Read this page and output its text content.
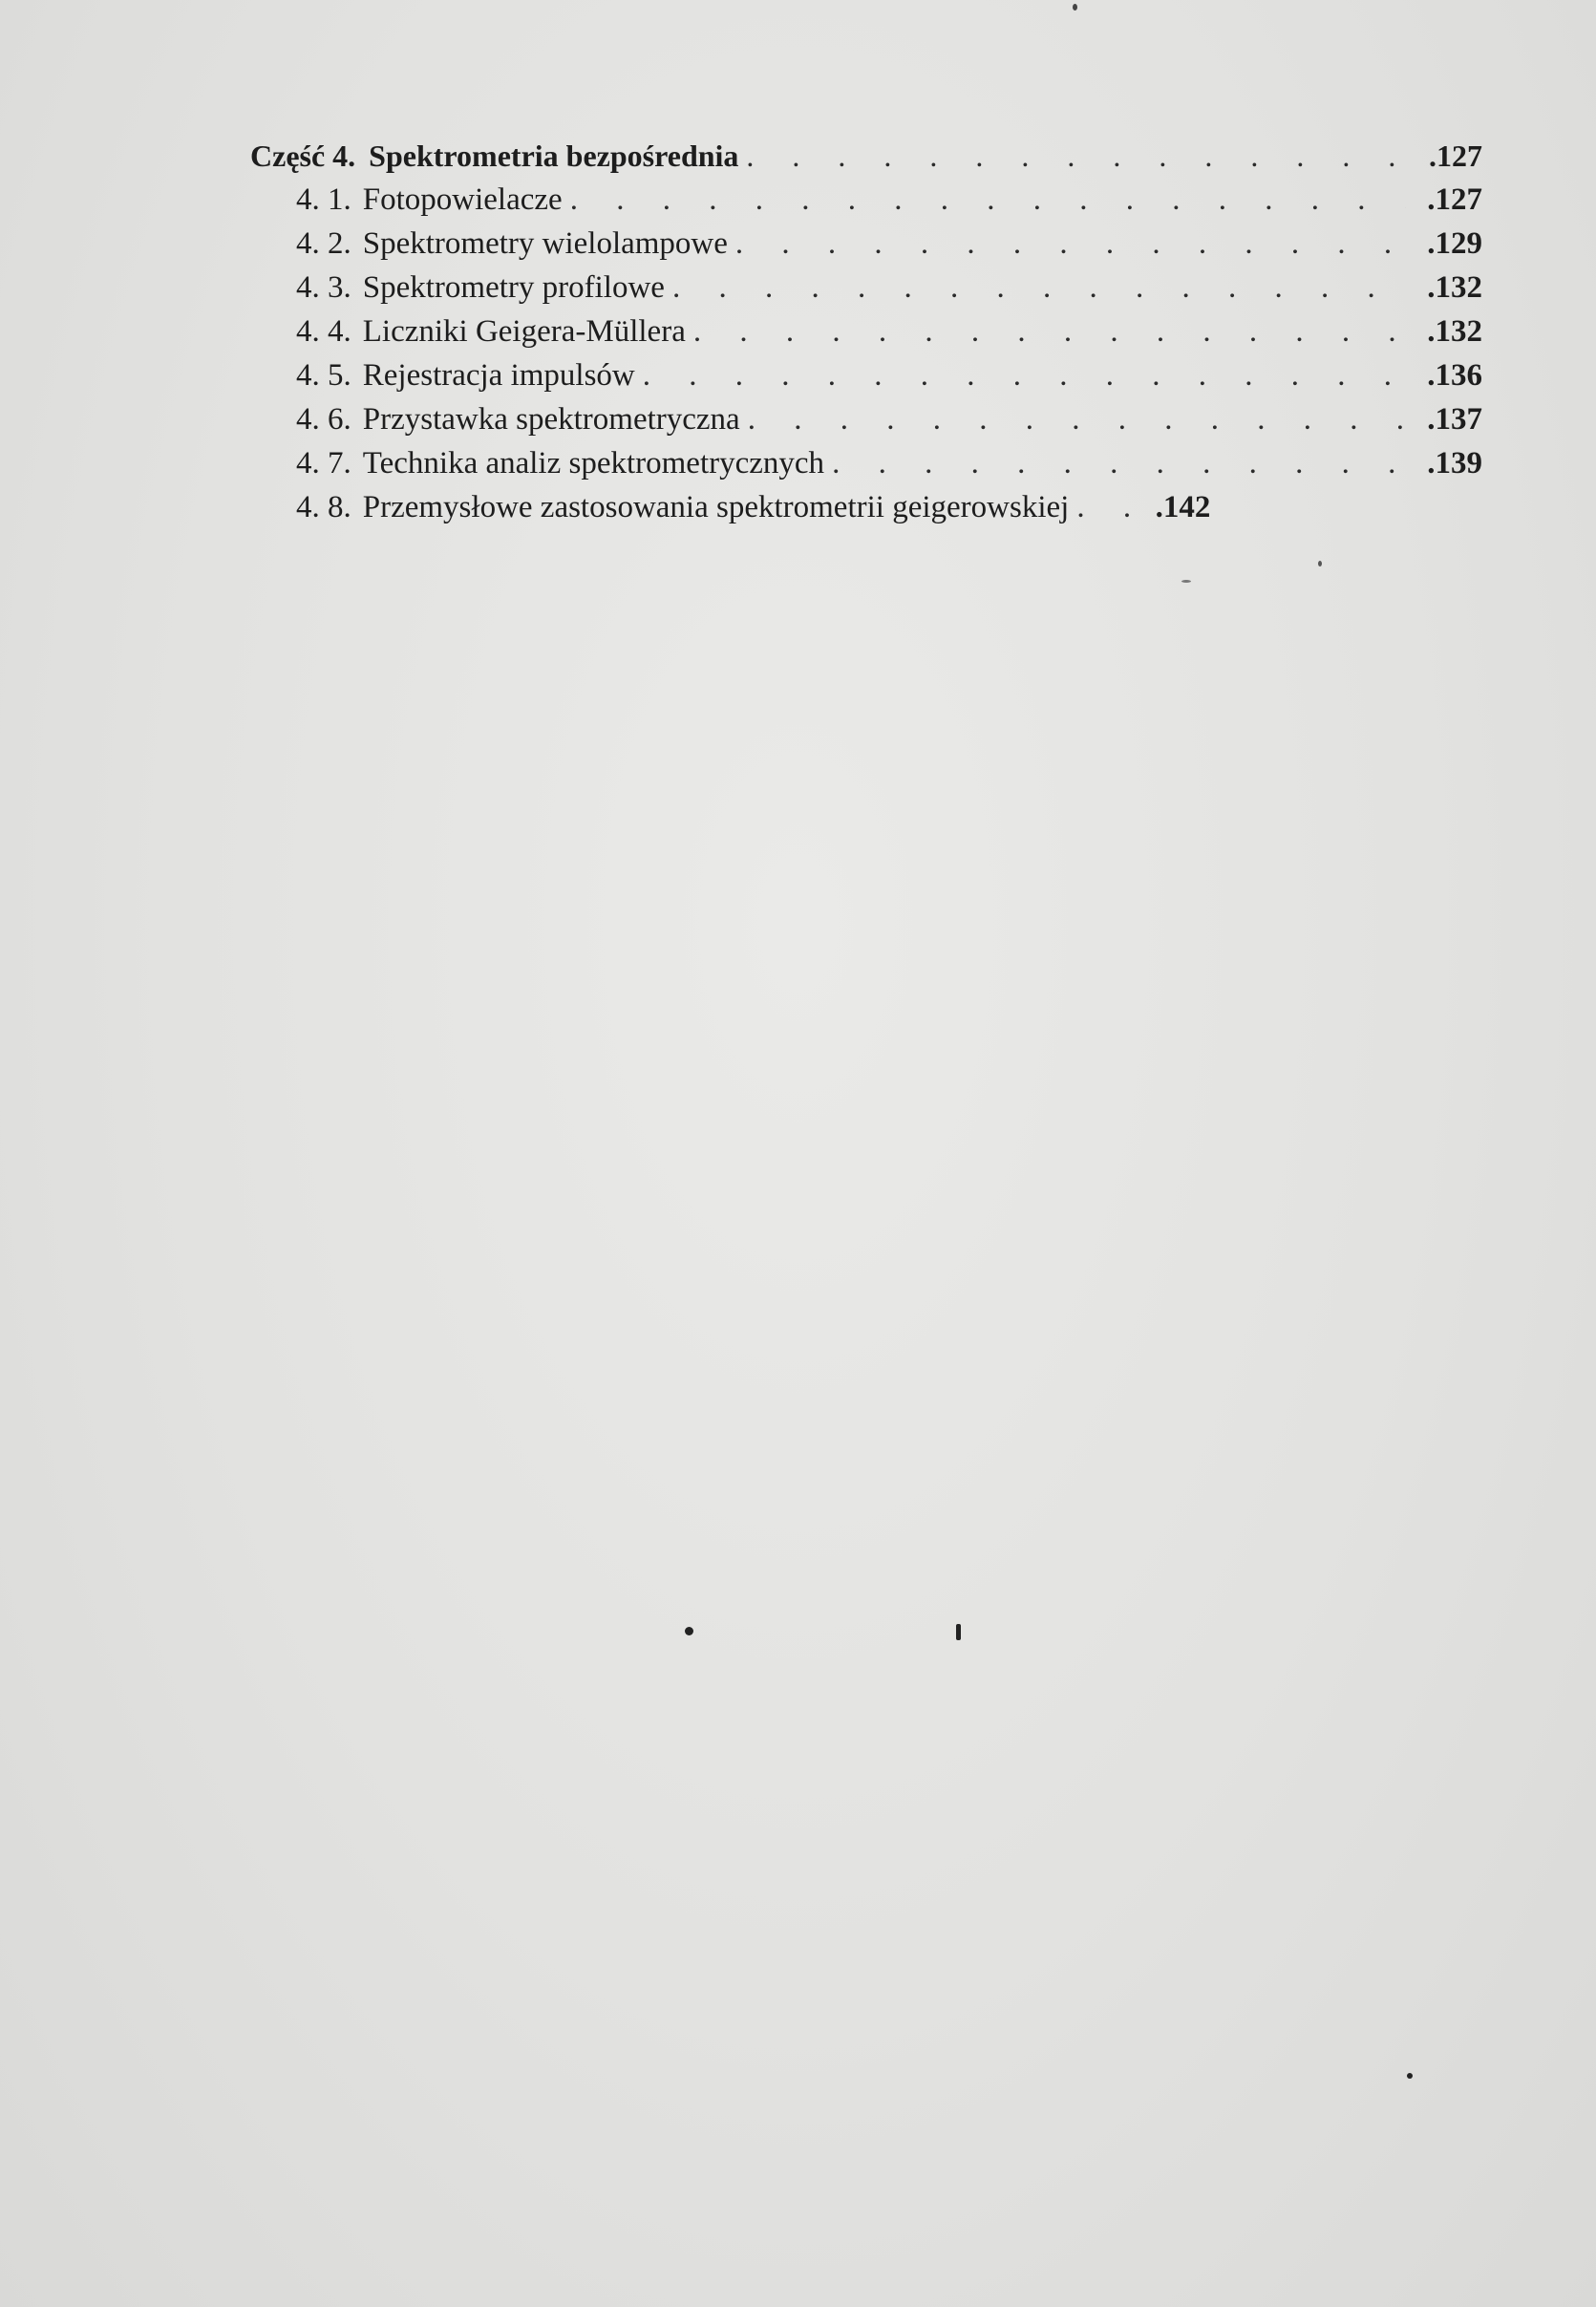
Część 4. Spektrometria bezpośrednia . . .	.127
4. 1. Fotopowielacze . . .	.127
4. 2. Spektrometry wielolampowe . . .	.129
4. 3. Spektrometry profilowe . . .	.132
4. 4. Liczniki Geigera-Müllera . . .	.132
4. 5. Rejestracja impulsów . . .	.136
4. 6. Przystawka spektrometryczna . . .	.137
4. 7. Technika analiz spektrometrycznych . . .	.139
4. 8. Przemysłowe zastosowania spektrometrii geigerowskiej . . .	.142
